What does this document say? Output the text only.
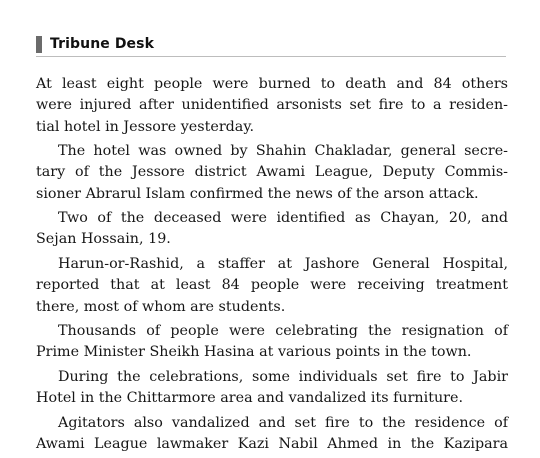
Tribune Desk

At least eight people were burned to death and 84 others
were injured after unidentified arsonists set fire to a residen-
tial hotel in Jessore yesterday.

The hotel was owned by Shahin Chakladar, general secre-
tary of the Jessore district Awami League, Deputy Commis-
sioner Abrarul Islam confirmed the news of the arson attack.

Two of the deceased were identified as Chayan, 20, and
Sejan Hossain, 19.

Harun-or-Rashid, a staffer at Jashore General Hospital,
reported that at least 84 people were receiving treatment
there, most of whom are students.

Thousands of people were celebrating the resignation of
Prime Minister Sheikh Hasina at various points in the town.

During the celebrations, some individuals set fire to Jabir
Hotel in the Chittarmore area and vandalized its furniture.

Agitators also vandalized and set fire to the residence of
Awami League lawmaker Kazi Nabil Ahmed in the Kazipara
